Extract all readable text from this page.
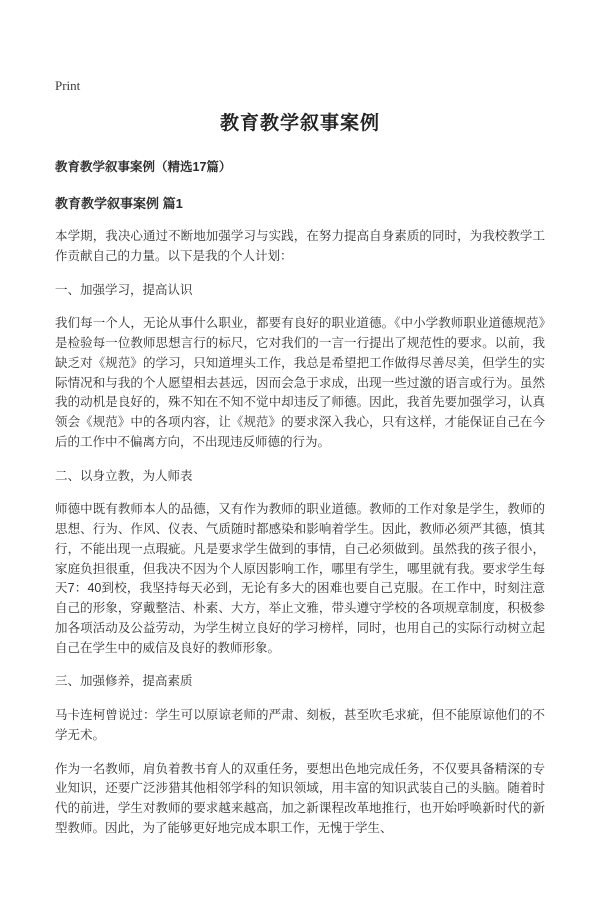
Print

教育教学叙事案例
教育教学叙事案例（精选17篇）
教育教学叙事案例 篇1

本学期，我决心通过不断地加强学习与实践，在努力提高自身素质的同时，为我校教学工作贡献自己的力量。以下是我的个人计划：

一、加强学习，提高认识

我们每一个人，无论从事什么职业，都要有良好的职业道德。《中小学教师职业道德规范》是检验每一位教师思想言行的标尺，它对我们的一言一行提出了规范性的要求。以前，我缺乏对《规范》的学习，只知道埋头工作，我总是希望把工作做得尽善尽美，但学生的实际情况和与我的个人愿望相去甚远，因而会急于求成，出现一些过激的语言或行为。虽然我的动机是良好的，殊不知在不知不觉中却违反了师德。因此，我首先要加强学习，认真领会《规范》中的各项内容，让《规范》的要求深入我心，只有这样，才能保证自己在今后的工作中不偏离方向，不出现违反师德的行为。

二、以身立教，为人师表

师德中既有教师本人的品德，又有作为教师的职业道德。教师的工作对象是学生，教师的思想、行为、作风、仪表、气质随时都感染和影响着学生。因此，教师必须严其德，慎其行，不能出现一点瑕疵。凡是要求学生做到的事情，自己必须做到。虽然我的孩子很小，家庭负担很重，但我决不因为个人原因影响工作，哪里有学生，哪里就有我。要求学生每天7：40到校，我坚持每天必到，无论有多大的困难也要自己克服。在工作中，时刻注意自己的形象，穿戴整洁、朴素、大方，举止文雅，带头遵守学校的各项规章制度，积极参加各项活动及公益劳动，为学生树立良好的学习榜样，同时，也用自己的实际行动树立起自己在学生中的威信及良好的教师形象。

三、加强修养，提高素质

马卡连柯曾说过：学生可以原谅老师的严肃、刻板，甚至吹毛求疵，但不能原谅他们的不学无术。

作为一名教师，肩负着教书育人的双重任务，要想出色地完成任务，不仅要具备精深的专业知识，还要广泛涉猎其他相邻学科的知识领域，用丰富的知识武装自己的头脑。随着时代的前进，学生对教师的要求越来越高，加之新课程改革地推行，也开始呼唤新时代的新型教师。因此，为了能够更好地完成本职工作，无愧于学生、
